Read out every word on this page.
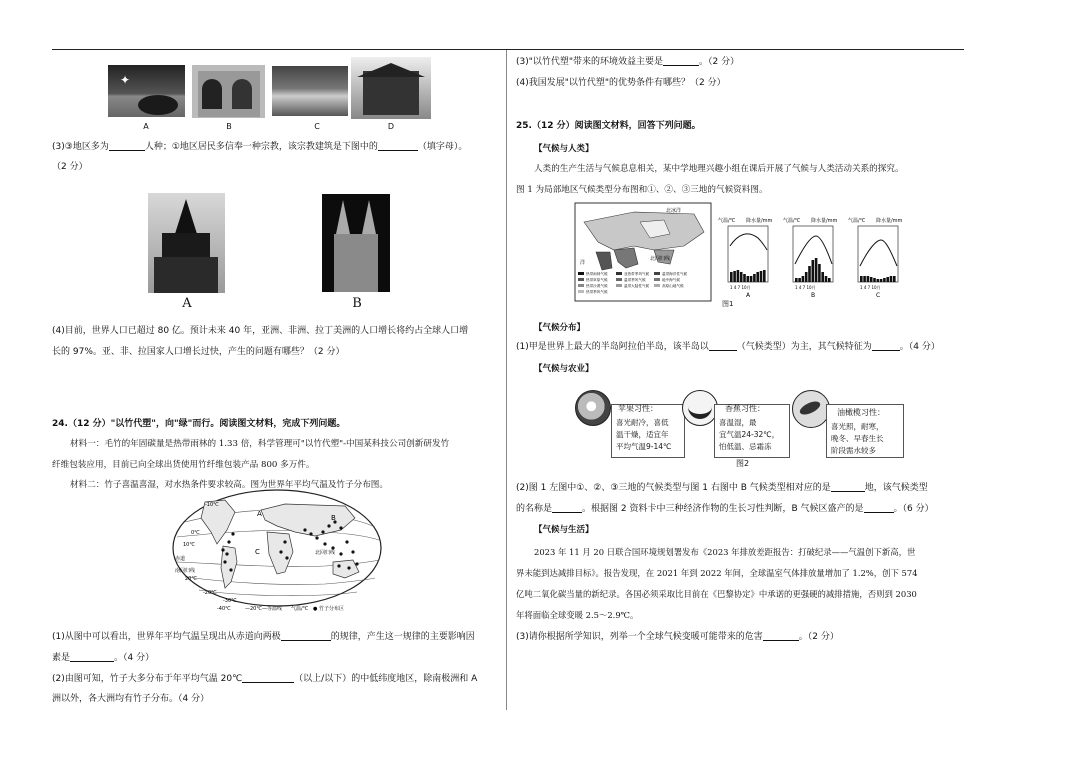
✦
A	B	C	D
(3)③地区多为	人种；①地区居民多信奉一种宗教，该宗教建筑是下图中的	（填字母）。
（2 分）
A	B
(4)目前，世界人口已超过 80 亿。预计未来 40 年，亚洲、非洲、拉丁美洲的人口增长将约占全球人口增
长的 97%。亚、非、拉国家人口增长过快，产生的问题有哪些？（2 分）
24.（12 分）"以竹代塑"，向"绿"而行。阅读图文材料，完成下列问题。
材料一：毛竹的年固碳量是热带雨林的 1.33 倍，科学管理可"以竹代塑"-中国某科技公司创新研发竹
纤维包装应用，目前已向全球出货使用竹纤维包装产品 800 多万件。
材料二：竹子喜温喜湿，对水热条件要求较高。图为世界年平均气温及竹子分布图。
-10℃
0℃
10℃
赤道
南回归线
北回归线
20℃
-20℃
-30℃
-40℃
A	B
C
—20℃—等温线 气温/℃ ● 竹子分布区
(1)从图中可以看出，世界年平均气温呈现出从赤道向两极	的规律，产生这一规律的主要影响因
素是	。（4 分）
(2)由图可知，竹子大多分布于年平均气温 20℃	（以上/以下）的中低纬度地区，除南极洲和 A
洲以外，各大洲均有竹子分布。（4 分）
(3)"以竹代塑"带来的环境效益主要是	。（2 分）
(4)我国发展"以竹代塑"的优势条件有哪些？（2 分）
25.（12 分）阅读图文材料，回答下列问题。
【气候与人类】
人类的生产生活与气候息息相关，某中学地理兴趣小组在课后开展了气候与人类活动关系的探究。
图 1 为局部地区气候类型分布图和①、②、③三地的气候资料图。
北冰洋
北回归线
洋
热带雨林气候
热带草原气候
热带沙漠气候
热带季风气候
亚热带季风气候
温带季风气候
温带大陆性气候
温带海洋性气候
地中海气候
高原山地气候
气温/℃ 降水量/mm
1 4 7 10月
A
气温/℃ 降水量/mm
1 4 7 10月
B
气温/℃ 降水量/mm
1 4 7 10月
C
图1
【气候分布】
(1)甲是世界上最大的半岛阿拉伯半岛，该半岛以	（气候类型）为主，其气候特征为	。（4 分）
【气候与农业】
苹果习性：
喜光耐冷，喜低
温干燥，适宜年
平均气温9-14℃
香蕉习性：
喜温湿，最
宜气温24-32℃，
怕低温、忌霜冻
油橄榄习性：
喜光照，耐寒，
晚冬、早春生长
阶段需水较多
图2
(2)图 1 左图中①、②、③三地的气候类型与图 1 右图中 B 气候类型相对应的是	地，该气候类型
的名称是	。根据图 2 资料卡中三种经济作物的生长习性判断，B 气候区盛产的是	。（6 分）
【气候与生活】
2023 年 11 月 20 日联合国环境规划署发布《2023 年排放差距报告：打破纪录——气温创下新高，世
界未能到达减排目标》。报告发现，在 2021 年到 2022 年间，全球温室气体排放量增加了 1.2%，创下 574
亿吨二氧化碳当量的新纪录。各国必须采取比目前在《巴黎协定》中承诺的更强硬的减排措施，否则到 2030
年将面临全球变暖 2.5～2.9℃。
(3)请你根据所学知识，列举一个全球气候变暖可能带来的危害	。（2 分）
